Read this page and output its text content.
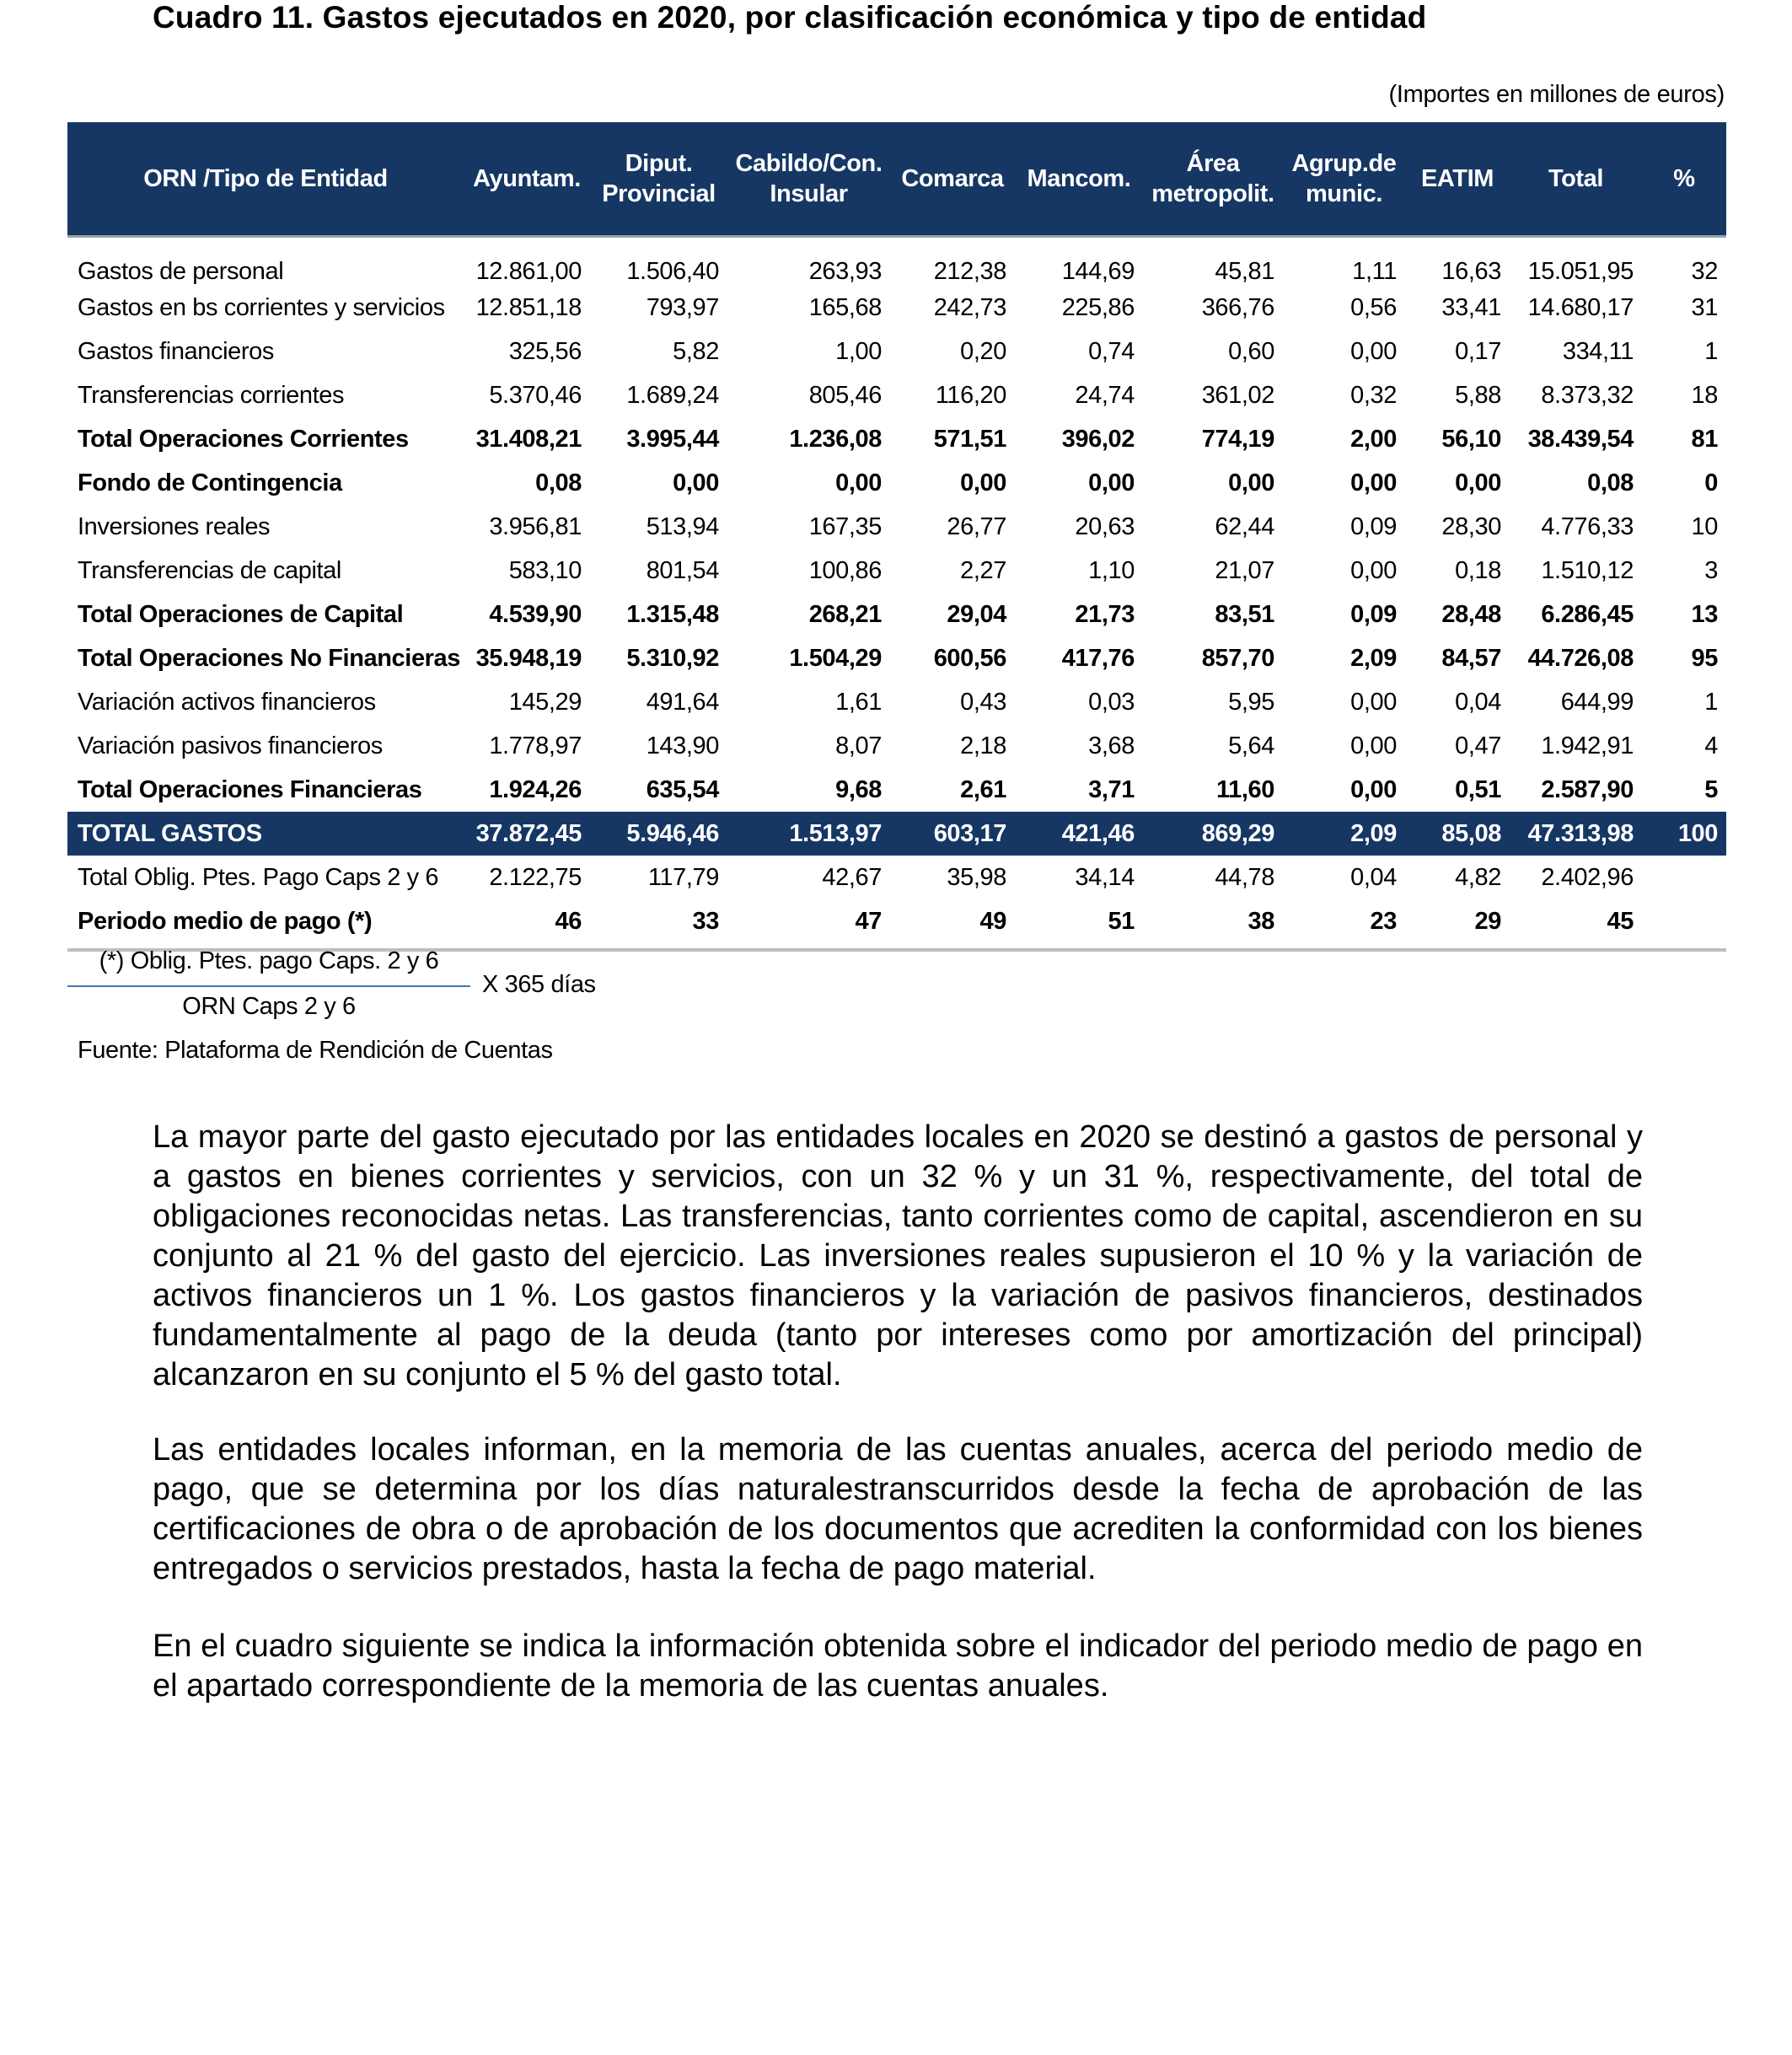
Cuadro 11. Gastos ejecutados en 2020, por clasificación económica y tipo de entidad
(Importes en millones de euros)
ORN /Tipo de Entidad	Ayuntam.	Diput. Provincial	Cabildo/Con. Insular	Comarca	Mancom.	Área metropolit.	Agrup.de munic.	EATIM	Total	%
Gastos de personal	12.861,00	1.506,40	263,93	212,38	144,69	45,81	1,11	16,63	15.051,95	32
Gastos en bs corrientes y servicios	12.851,18	793,97	165,68	242,73	225,86	366,76	0,56	33,41	14.680,17	31
Gastos financieros	325,56	5,82	1,00	0,20	0,74	0,60	0,00	0,17	334,11	1
Transferencias corrientes	5.370,46	1.689,24	805,46	116,20	24,74	361,02	0,32	5,88	8.373,32	18
Total Operaciones Corrientes	31.408,21	3.995,44	1.236,08	571,51	396,02	774,19	2,00	56,10	38.439,54	81
Fondo de Contingencia	0,08	0,00	0,00	0,00	0,00	0,00	0,00	0,00	0,08	0
Inversiones reales	3.956,81	513,94	167,35	26,77	20,63	62,44	0,09	28,30	4.776,33	10
Transferencias de capital	583,10	801,54	100,86	2,27	1,10	21,07	0,00	0,18	1.510,12	3
Total Operaciones de Capital	4.539,90	1.315,48	268,21	29,04	21,73	83,51	0,09	28,48	6.286,45	13
Total Operaciones No Financieras	35.948,19	5.310,92	1.504,29	600,56	417,76	857,70	2,09	84,57	44.726,08	95
Variación activos financieros	145,29	491,64	1,61	0,43	0,03	5,95	0,00	0,04	644,99	1
Variación pasivos financieros	1.778,97	143,90	8,07	2,18	3,68	5,64	0,00	0,47	1.942,91	4
Total Operaciones Financieras	1.924,26	635,54	9,68	2,61	3,71	11,60	0,00	0,51	2.587,90	5
TOTAL GASTOS	37.872,45	5.946,46	1.513,97	603,17	421,46	869,29	2,09	85,08	47.313,98	100
Total Oblig. Ptes. Pago Caps 2 y 6	2.122,75	117,79	42,67	35,98	34,14	44,78	0,04	4,82	2.402,96	
Periodo medio de pago (*)	46	33	47	49	51	38	23	29	45	
(*) Oblig. Ptes. pago Caps. 2 y 6
ORN Caps 2 y 6
X 365 días
Fuente: Plataforma de Rendición de Cuentas

La mayor parte del gasto ejecutado por las entidades locales en 2020 se destinó a gastos de personal y a gastos en bienes corrientes y servicios, con un 32 % y un 31 %, respectivamente, del total de obligaciones reconocidas netas. Las transferencias, tanto corrientes como de capital, ascendieron en su conjunto al 21 % del gasto del ejercicio. Las inversiones reales supusieron el 10 % y la variación de activos financieros un 1 %. Los gastos financieros y la variación de pasivos financieros, destinados fundamentalmente al pago de la deuda (tanto por intereses como por amortización del principal) alcanzaron en su conjunto el 5 % del gasto total.

Las entidades locales informan, en la memoria de las cuentas anuales, acerca del periodo medio de pago, que se determina por los días naturalestranscurridos desde la fecha de aprobación de las certificaciones de obra o de aprobación de los documentos que acrediten la conformidad con los bienes entregados o servicios prestados, hasta la fecha de pago material.

En el cuadro siguiente se indica la información obtenida sobre el indicador del periodo medio de pago en el apartado correspondiente de la memoria de las cuentas anuales.
